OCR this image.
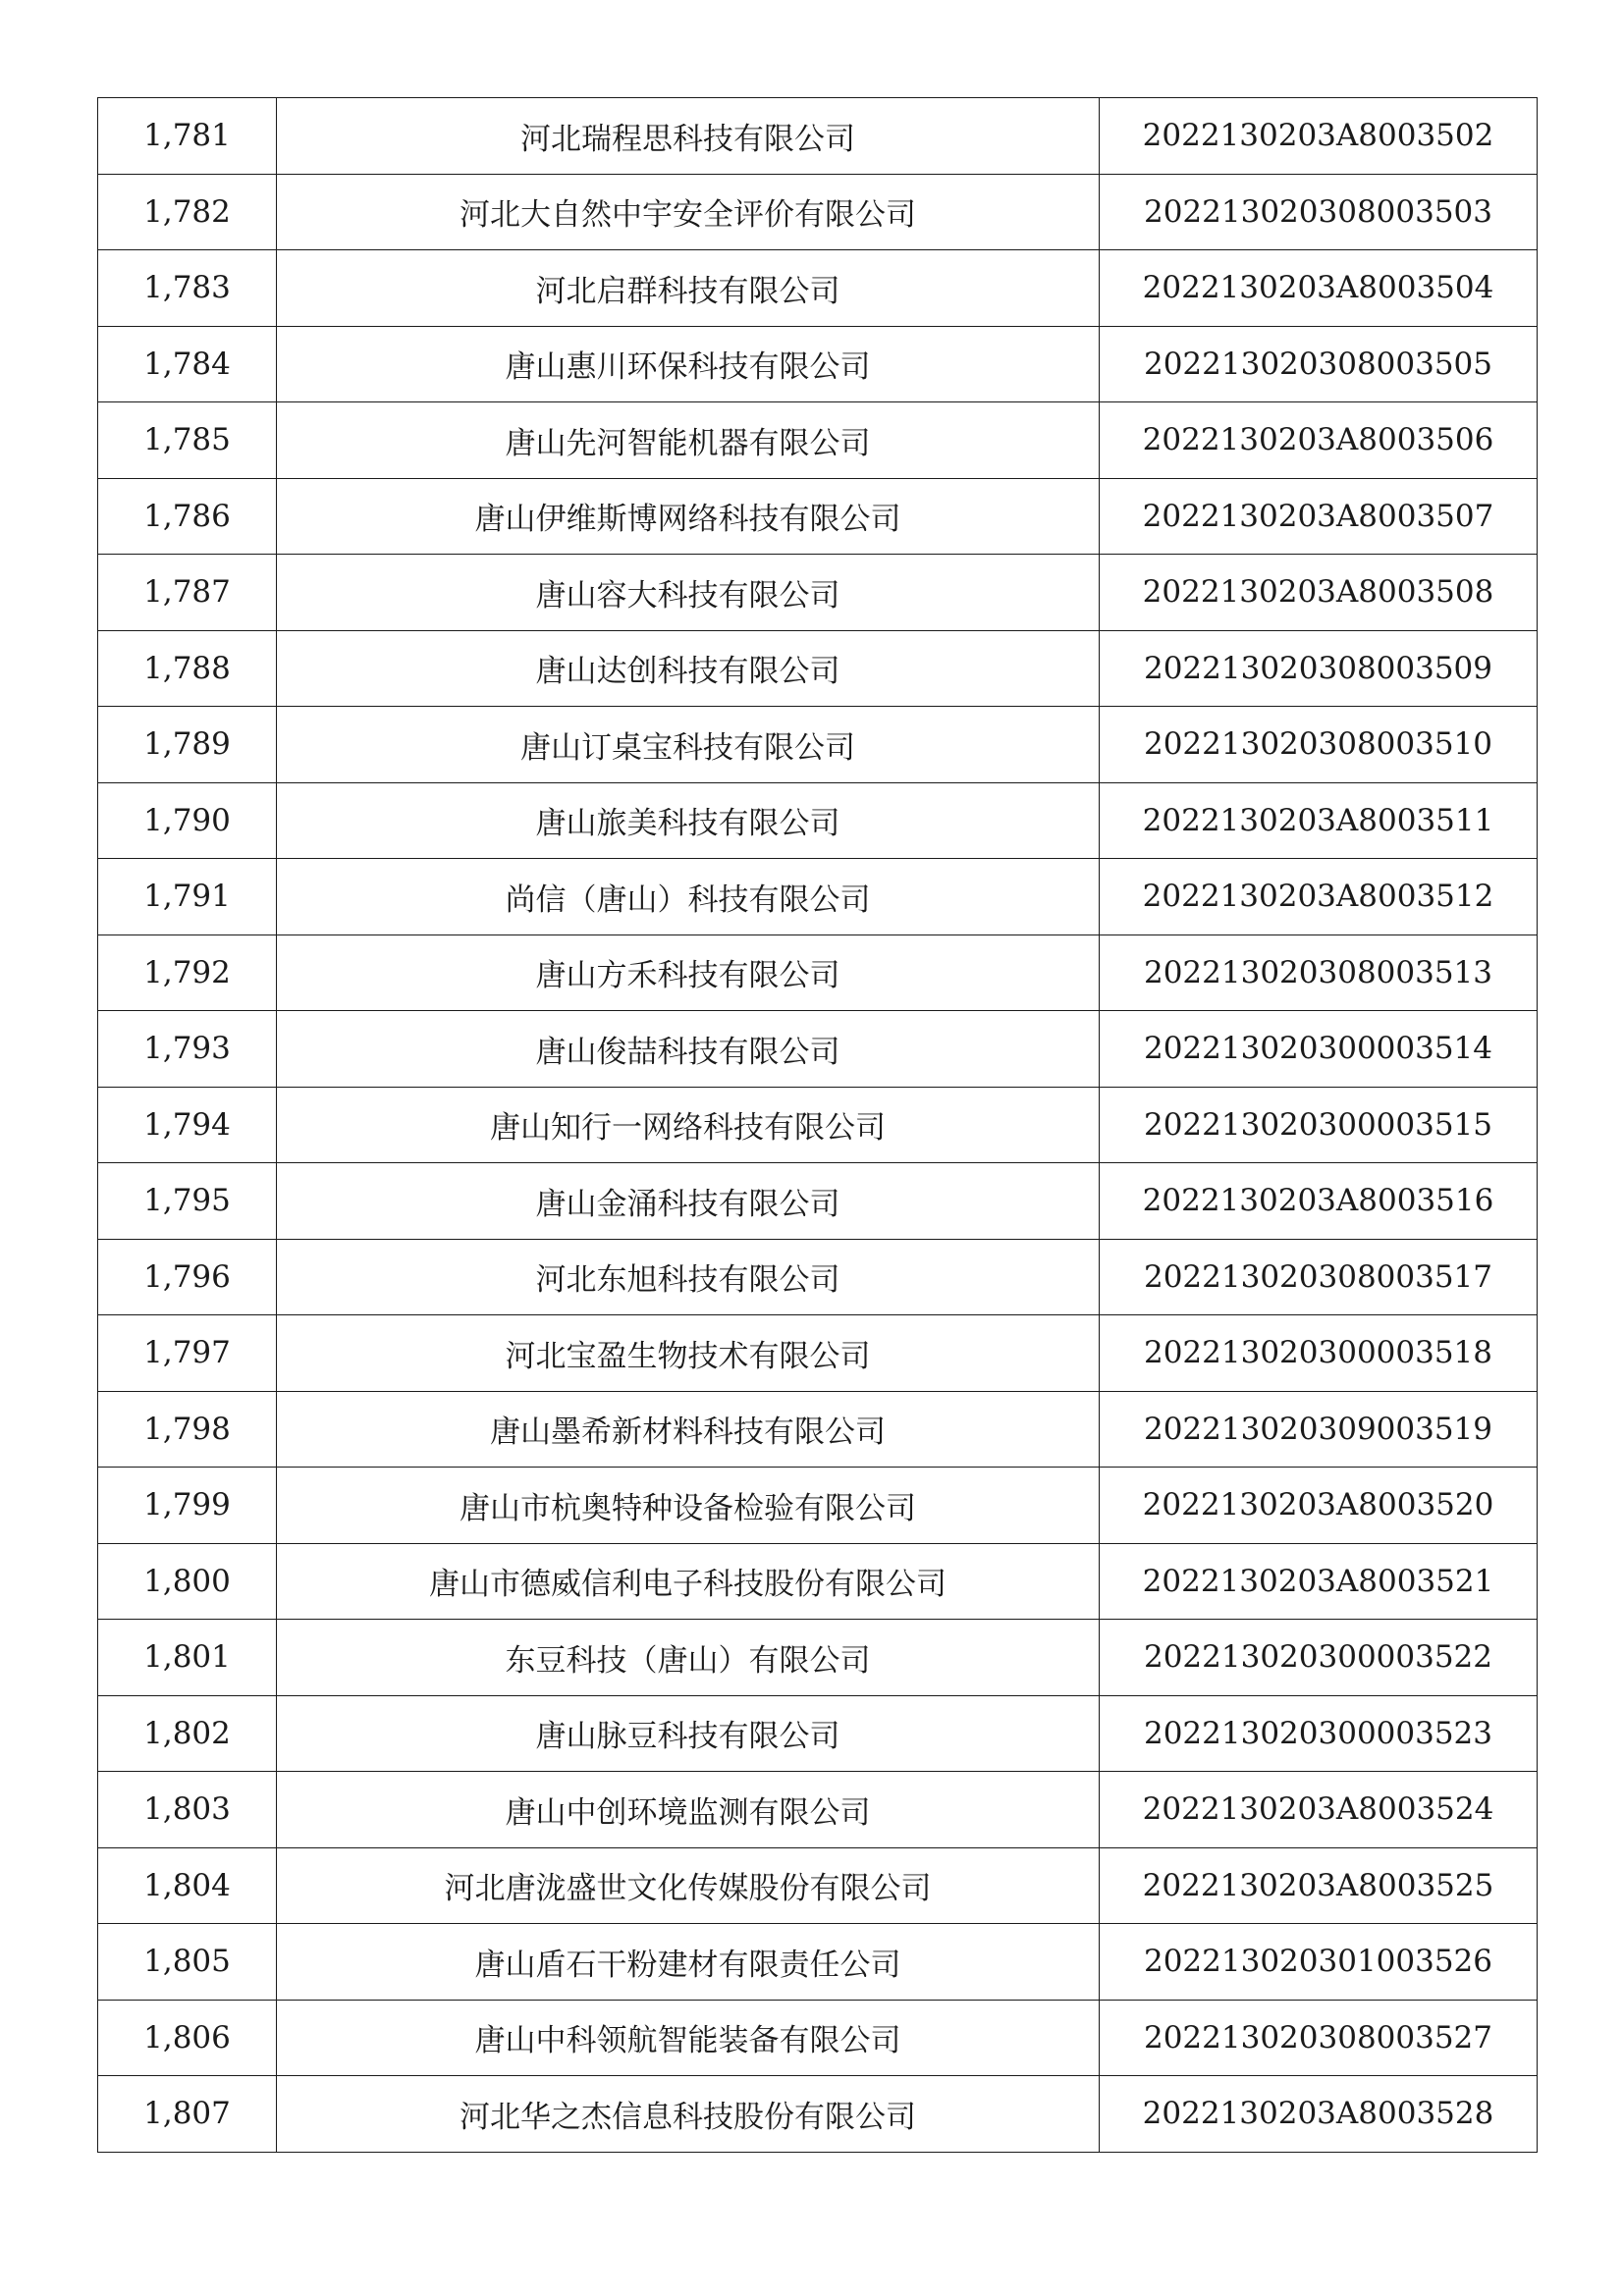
1,781	河北瑞程思科技有限公司	2022130203A8003502
1,782	河北大自然中宇安全评价有限公司	202213020308003503
1,783	河北启群科技有限公司	2022130203A8003504
1,784	唐山惠川环保科技有限公司	202213020308003505
1,785	唐山先河智能机器有限公司	2022130203A8003506
1,786	唐山伊维斯博网络科技有限公司	2022130203A8003507
1,787	唐山容大科技有限公司	2022130203A8003508
1,788	唐山达创科技有限公司	202213020308003509
1,789	唐山订桌宝科技有限公司	202213020308003510
1,790	唐山旅美科技有限公司	2022130203A8003511
1,791	尚信（唐山）科技有限公司	2022130203A8003512
1,792	唐山方禾科技有限公司	202213020308003513
1,793	唐山俊喆科技有限公司	202213020300003514
1,794	唐山知行一网络科技有限公司	202213020300003515
1,795	唐山金涌科技有限公司	2022130203A8003516
1,796	河北东旭科技有限公司	202213020308003517
1,797	河北宝盈生物技术有限公司	202213020300003518
1,798	唐山墨希新材料科技有限公司	202213020309003519
1,799	唐山市杭奥特种设备检验有限公司	2022130203A8003520
1,800	唐山市德威信利电子科技股份有限公司	2022130203A8003521
1,801	东豆科技（唐山）有限公司	202213020300003522
1,802	唐山脉豆科技有限公司	202213020300003523
1,803	唐山中创环境监测有限公司	2022130203A8003524
1,804	河北唐泷盛世文化传媒股份有限公司	2022130203A8003525
1,805	唐山盾石干粉建材有限责任公司	202213020301003526
1,806	唐山中科领航智能装备有限公司	202213020308003527
1,807	河北华之杰信息科技股份有限公司	2022130203A8003528
